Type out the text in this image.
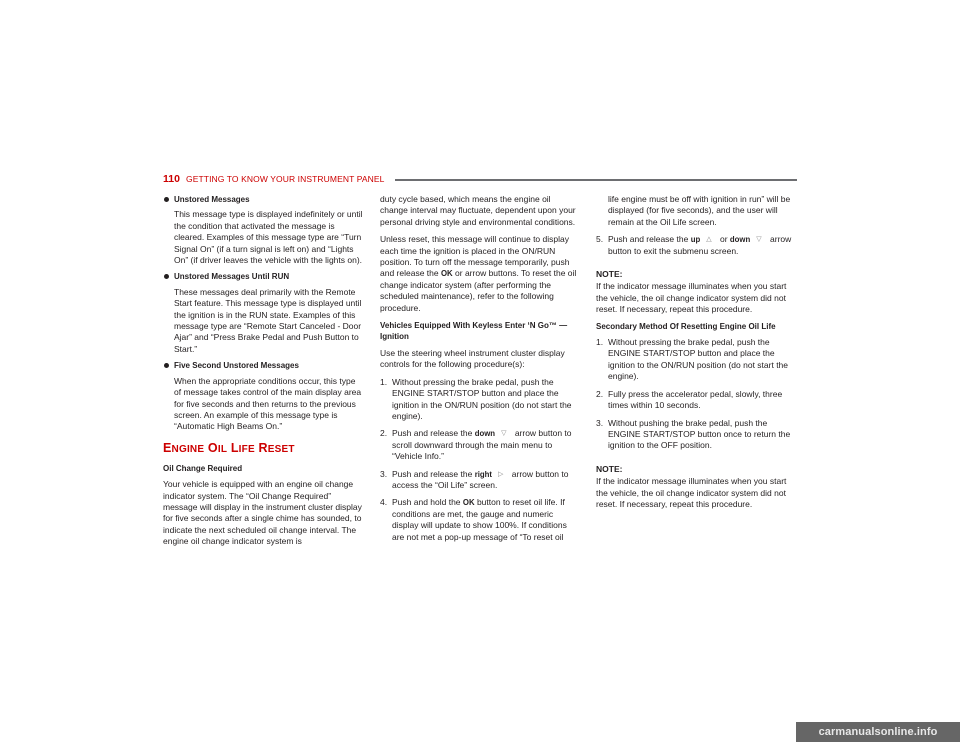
110 GETTING TO KNOW YOUR INSTRUMENT PANEL
Unstored Messages

This message type is displayed indefinitely or until the condition that activated the message is cleared. Examples of this message type are “Turn Signal On” (if a turn signal is left on) and “Lights On” (if driver leaves the vehicle with the lights on).

Unstored Messages Until RUN

These messages deal primarily with the Remote Start feature. This message type is displayed until the ignition is in the RUN state. Examples of this message type are “Remote Start Canceled - Door Ajar” and “Press Brake Pedal and Push Button to Start.”

Five Second Unstored Messages

When the appropriate conditions occur, this type of message takes control of the main display area for five seconds and then returns to the previous screen. An example of this message type is “Automatic High Beams On.”

ENGINE OIL LIFE RESET
Oil Change Required

Your vehicle is equipped with an engine oil change indicator system. The “Oil Change Required” message will display in the instrument cluster display for five seconds after a single chime has sounded, to indicate the next scheduled oil change interval. The engine oil change indicator system is

duty cycle based, which means the engine oil change interval may fluctuate, dependent upon your personal driving style and environmental conditions.

Unless reset, this message will continue to display each time the ignition is placed in the ON/RUN position. To turn off the message temporarily, push and release the OK or arrow buttons. To reset the oil change indicator system (after performing the scheduled maintenance), refer to the following procedure.

Vehicles Equipped With Keyless Enter ‘N Go™ — Ignition

Use the steering wheel instrument cluster display controls for the following procedure(s):

1. Without pressing the brake pedal, push the ENGINE START/STOP button and place the ignition in the ON/RUN position (do not start the engine).
2. Push and release the down ▽ arrow button to scroll downward through the main menu to “Vehicle Info.”
3. Push and release the right ▷ arrow button to access the “Oil Life” screen.
4. Push and hold the OK button to reset oil life. If conditions are met, the gauge and numeric display will update to show 100%. If conditions are not met a pop-up message of “To reset oil
life engine must be off with ignition in run” will be displayed (for five seconds), and the user will remain at the Oil Life screen.
5. Push and release the up △ or down ▽ arrow button to exit the submenu screen.
NOTE:

If the indicator message illuminates when you start the vehicle, the oil change indicator system did not reset. If necessary, repeat this procedure.

Secondary Method Of Resetting Engine Oil Life
1. Without pressing the brake pedal, push the ENGINE START/STOP button and place the ignition to the ON/RUN position (do not start the engine).
2. Fully press the accelerator pedal, slowly, three times within 10 seconds.
3. Without pushing the brake pedal, push the ENGINE START/STOP button once to return the ignition to the OFF position.
NOTE:

If the indicator message illuminates when you start the vehicle, the oil change indicator system did not reset. If necessary, repeat this procedure.

carmanualsonline.info
